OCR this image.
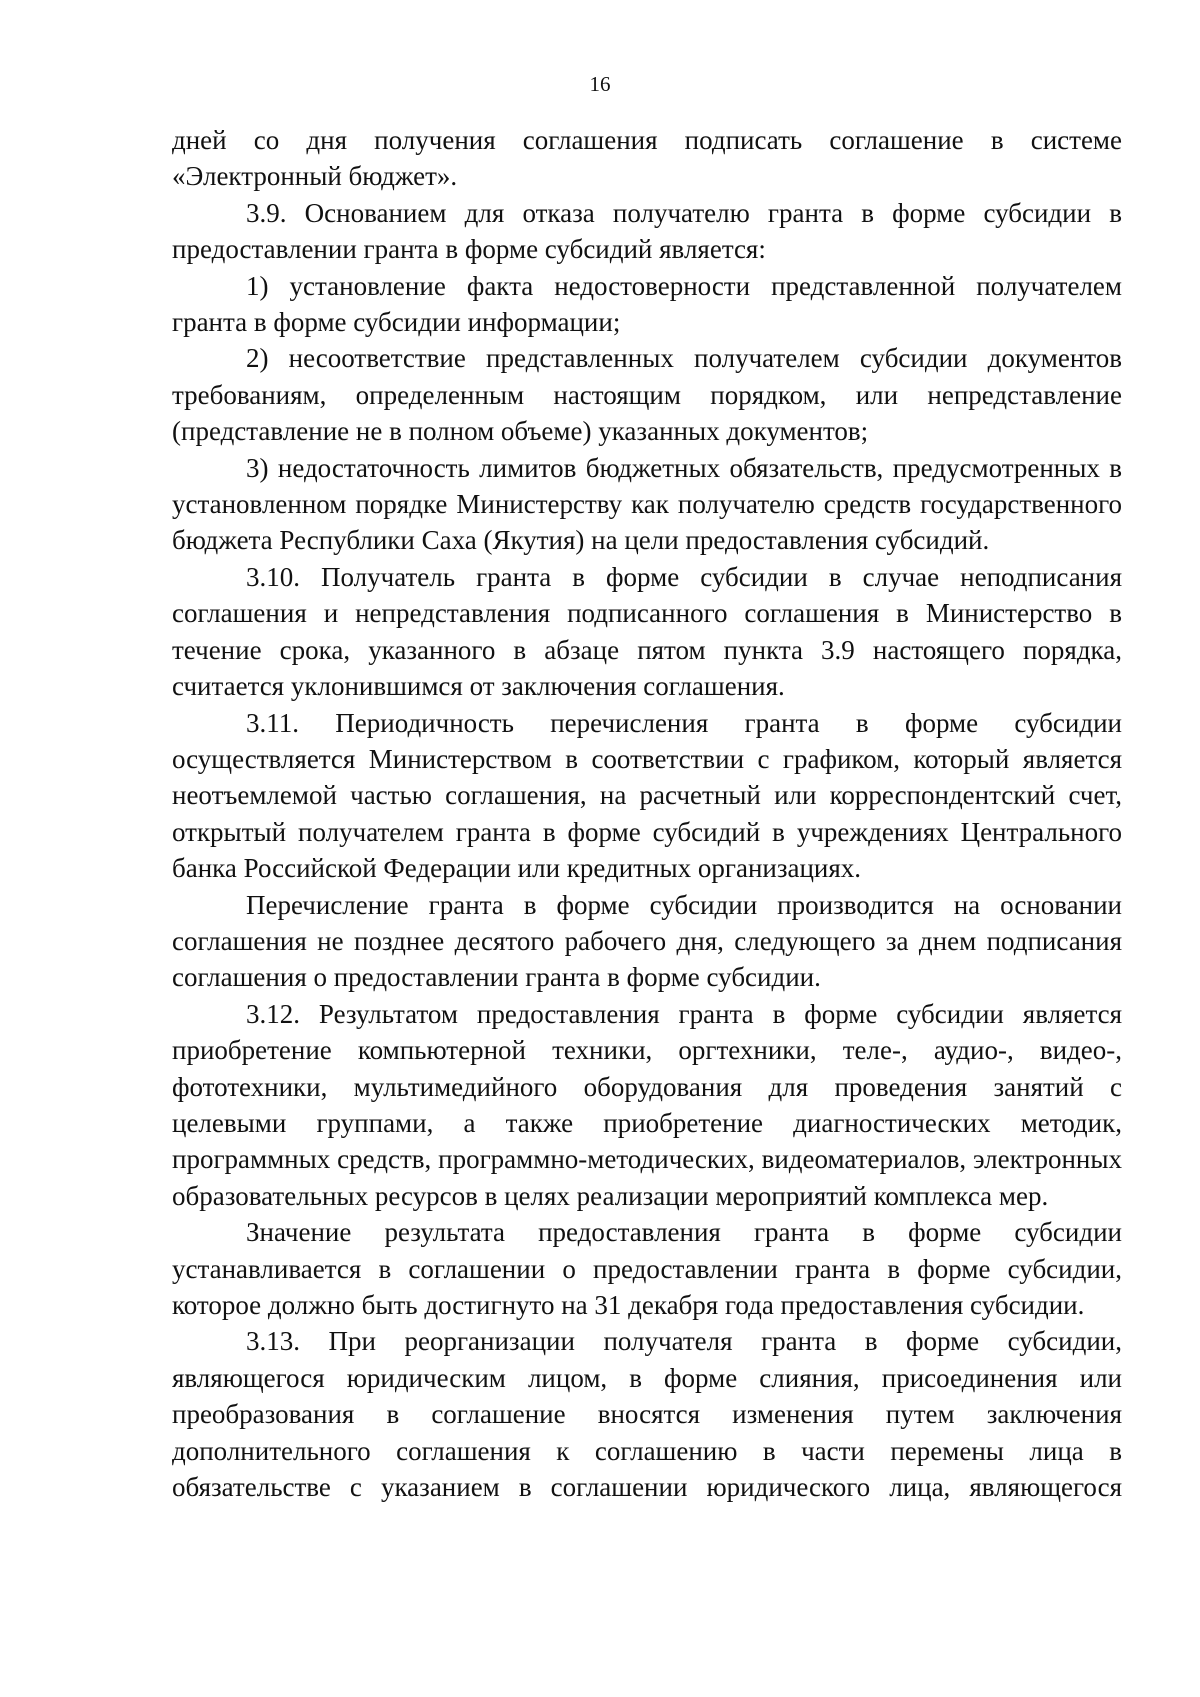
16

дней со дня получения соглашения подписать соглашение в системе «Электронный бюджет».

3.9. Основанием для отказа получателю гранта в форме субсидии в предоставлении гранта в форме субсидий является:

1) установление факта недостоверности представленной получателем гранта в форме субсидии информации;

2) несоответствие представленных получателем субсидии документов требованиям, определенным настоящим порядком, или непредставление (представление не в полном объеме) указанных документов;

3) недостаточность лимитов бюджетных обязательств, предусмотренных в установленном порядке Министерству как получателю средств государственного бюджета Республики Саха (Якутия) на цели предоставления субсидий.

3.10. Получатель гранта в форме субсидии в случае неподписания соглашения и непредставления подписанного соглашения в Министерство в течение срока, указанного в абзаце пятом пункта 3.9 настоящего порядка, считается уклонившимся от заключения соглашения.

3.11. Периодичность перечисления гранта в форме субсидии осуществляется Министерством в соответствии с графиком, который является неотъемлемой частью соглашения, на расчетный или корреспондентский счет, открытый получателем гранта в форме субсидий в учреждениях Центрального банка Российской Федерации или кредитных организациях.

Перечисление гранта в форме субсидии производится на основании соглашения не позднее десятого рабочего дня, следующего за днем подписания соглашения о предоставлении гранта в форме субсидии.

3.12. Результатом предоставления гранта в форме субсидии является приобретение компьютерной техники, оргтехники, теле-, аудио-, видео-, фототехники, мультимедийного оборудования для проведения занятий с целевыми группами, а также приобретение диагностических методик, программных средств, программно-методических, видеоматериалов, электронных образовательных ресурсов в целях реализации мероприятий комплекса мер.

Значение результата предоставления гранта в форме субсидии устанавливается в соглашении о предоставлении гранта в форме субсидии, которое должно быть достигнуто на 31 декабря года предоставления субсидии.

3.13. При реорганизации получателя гранта в форме субсидии, являющегося юридическим лицом, в форме слияния, присоединения или преобразования в соглашение вносятся изменения путем заключения дополнительного соглашения к соглашению в части перемены лица в обязательстве с указанием в соглашении юридического лица, являющегося
